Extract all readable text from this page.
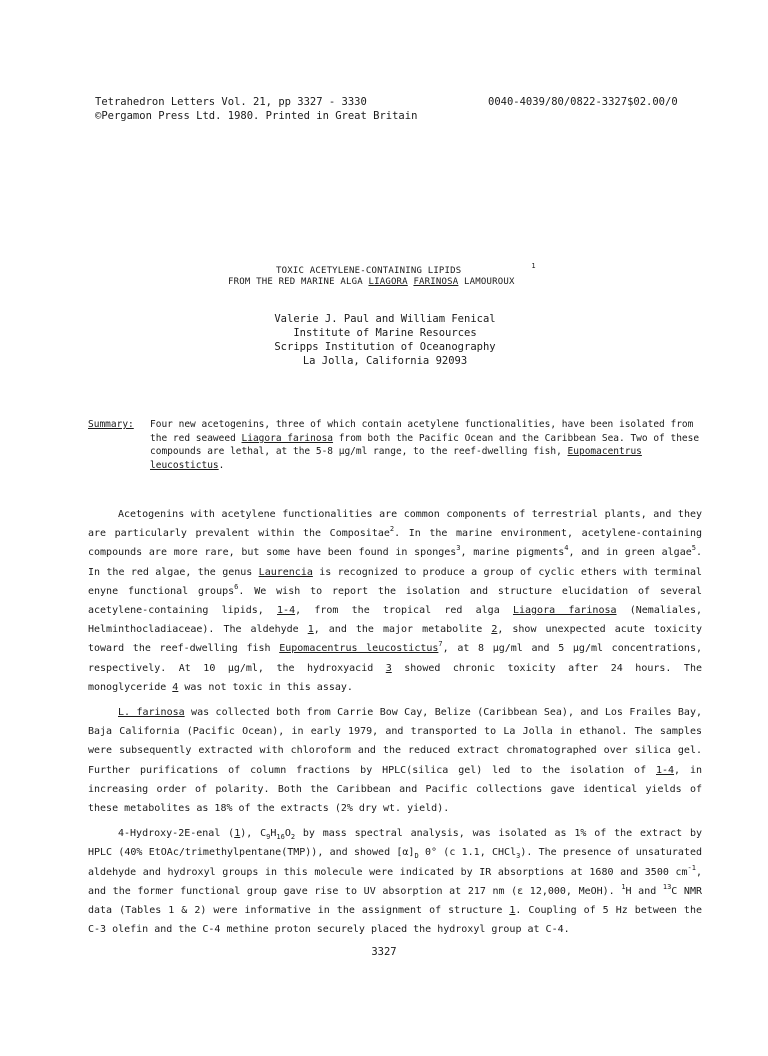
Tetrahedron Letters Vol. 21, pp 3327 - 3330
©Pergamon Press Ltd. 1980. Printed in Great Britain
0040-4039/80/0822-3327$02.00/0
TOXIC ACETYLENE-CONTAINING LIPIDS	$^1$
FROM THE RED MARINE ALGA LIAGORA FARINOSA LAMOUROUX
Valerie J. Paul and William Fenical
Institute of Marine Resources
Scripps Institution of Oceanography
La Jolla, California 92093
Summary: Four new acetogenins, three of which contain acetylene functionalities, have been isolated from the red seaweed Liagora farinosa from both the Pacific Ocean and the Caribbean Sea. Two of these compounds are lethal, at the 5-8 µg/ml range, to the reef-dwelling fish, Eupomacentrus leucostictus.

Acetogenins with acetylene functionalities are common components of terrestrial plants, and they are particularly prevalent within the Compositae$^2$. In the marine environment, acetylene-containing compounds are more rare, but some have been found in sponges$^3$, marine pigments$^4$, and in green algae$^5$. In the red algae, the genus Laurencia is recognized to produce a group of cyclic ethers with terminal enyne functional groups$^6$. We wish to report the isolation and structure elucidation of several acetylene-containing lipids, 1-4, from the tropical red alga Liagora farinosa (Nemaliales, Helminthocladiaceae). The aldehyde 1, and the major metabolite 2, show unexpected acute toxicity toward the reef-dwelling fish Eupomacentrus leucostictus$^7$, at 8 µg/ml and 5 µg/ml concentrations, respectively. At 10 µg/ml, the hydroxyacid 3 showed chronic toxicity after 24 hours. The monoglyceride 4 was not toxic in this assay.

L. farinosa was collected both from Carrie Bow Cay, Belize (Caribbean Sea), and Los Frailes Bay, Baja California (Pacific Ocean), in early 1979, and transported to La Jolla in ethanol. The samples were subsequently extracted with chloroform and the reduced extract chromatographed over silica gel. Further purifications of column fractions by HPLC(silica gel) led to the isolation of 1-4, in increasing order of polarity. Both the Caribbean and Pacific collections gave identical yields of these metabolites as 18% of the extracts (2% dry wt. yield).

4-Hydroxy-2E-enal (1), $C_9H_{16}O_2$ by mass spectral analysis, was isolated as 1% of the extract by HPLC (40% EtOAc/trimethylpentane(TMP)), and showed $[\alpha]_D$ 0° (c 1.1, CHCl$_3$). The presence of unsaturated aldehyde and hydroxyl groups in this molecule were indicated by IR absorptions at 1680 and 3500 $cm^{-1}$, and the former functional group gave rise to UV absorption at 217 nm (ε 12,000, MeOH). $^1$H and $^{13}$C NMR data (Tables 1 & 2) were informative in the assignment of structure 1. Coupling of 5 Hz between the C-3 olefin and the C-4 methine proton securely placed the hydroxyl group at C-4.

3327
